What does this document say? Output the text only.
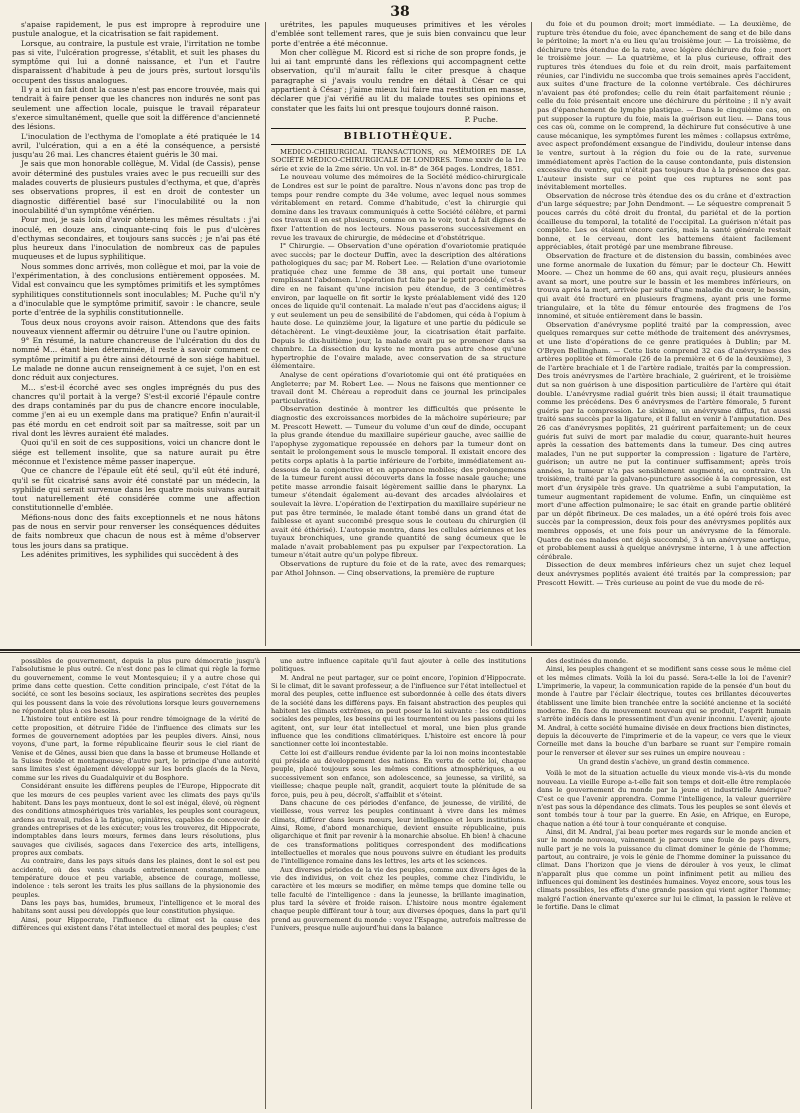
38

s'apaise rapidement, le pus est impropre à reproduire une pustule analogue, et la cicatrisation se fait rapidement.

Lorsque, au contraire, la pustule est vraie, l'irritation ne tombe pas si vite, l'ulcération progresse, s'établit, et suit les phases du symptôme qui lui a donné naissance, et l'un et l'autre disparaissent d'habitude à peu de jours près, surtout lorsqu'ils occupent des tissus analogues.

Il y a ici un fait dont la cause n'est pas encore trouvée, mais qui tendrait à faire penser que les chancres non indurés ne sont pas seulement une affection locale, puisque le travail réparateur s'exerce simultanément, quelle que soit la différence d'ancienneté des lésions.

L'inoculation de l'ecthyma de l'omoplate a été pratiquée le 14 avril, l'ulcération, qui a en a été la conséquence, a persisté jusqu'au 26 mai. Les chancres étaient guéris le 30 mai.

Je sais que mon honorable collègue, M. Vidal (de Cassis), pense avoir déterminé des pustules vraies avec le pus recueilli sur des malades couverts de plusieurs pustules d'ecthyma, et que, d'après ses observations propres, il est en droit de contester un diagnostic différentiel basé sur l'inoculabilité ou la non inoculabilité d'un symptôme vénérien.

Pour moi, je sais loin d'avoir obtenu les mêmes résultats : j'ai inoculé, en douze ans, cinquante-cinq fois le pus d'ulcères d'ecthymas secondaires, et toujours sans succès ; je n'ai pas été plus heureux dans l'inoculation de nombreux cas de papules muqueuses et de lupus syphilitique.

Nous sommes donc arrivés, mon collègue et moi, par la voie de l'expérimentation, à des conclusions entièrement opposées. M. Vidal est convaincu que les symptômes primitifs et les symptômes syphilitiques constitutionnels sont inoculables; M. Puche qu'il n'y a d'inoculable que le symptôme primitif, savoir : le chancre, seule porte d'entrée de la syphilis constitutionnelle.

Tous deux nous croyons avoir raison. Attendons que des faits nouveaux viennent affermir ou détruire l'une ou l'autre opinion.

9° En résumé, la nature chancreuse de l'ulcération du dos du nommé M... étant bien déterminée, il reste à savoir comment ce symptôme primitif a pu être ainsi détourné de son siége habituel. Le malade ne donne aucun renseignement à ce sujet, l'on en est donc réduit aux conjectures.

M... s'est-il écorché avec ses ongles imprégnés du pus des chancres qu'il portait à la verge? S'est-il excorié l'épaule contre des draps contaminés par du pus de chancre encore inoculable, comme j'en ai eu un exemple dans ma pratique? Enfin n'aurait-il pas été mordu en cet endroit soit par sa maîtresse, soit par un rival dont les lèvres auraient été malades.

Quoi qu'il en soit de ces suppositions, voici un chancre dont le siége est tellement insolite, que sa nature aurait pu être méconnue et l'existence même passer inaperçue.

Que ce chancre de l'épaule eût été seul, qu'il eût été induré, qu'il se fût cicatrisé sans avoir été constaté par un médecin, la syphilide qui serait survenue dans les quatre mois suivans aurait tout naturellement été considérée comme une affection constitutionnelle d'emblée.

Méfions-nous donc des faits exceptionnels et ne nous hâtons pas de nous en servir pour renverser les conséquences déduites de faits nombreux que chacun de nous est à même d'observer tous les jours dans sa pratique.

Les adénites primitives, les syphilides qui succèdent à des

urétrites, les papules muqueuses primitives et les véroles d'emblée sont tellement rares, que je suis bien convaincu que leur porte d'entrée a été méconnue.

Mon cher collègue M. Ricord est si riche de son propre fonds, je lui ai tant emprunté dans les réflexions qui accompagnent cette observation, qu'il m'aurait fallu le citer presque à chaque paragraphe si j'avais voulu rendre en détail à César ce qui appartient à César ; j'aime mieux lui faire ma restitution en masse, déclarer que j'ai vérifié au lit du malade toutes ses opinions et constater que les faits lui ont presque toujours donné raison.

P. Puche.
BIBLIOTHÈQUE.

MEDICO-CHIRURGICAL TRANSACTIONS, ou MÉMOIRES DE LA SOCIÉTÉ MÉDICO-CHIRURGICALE DE LONDRES. Tome xxxiv de la 1re série et xvie de la 2me série. Un vol. in-8° de 364 pages. Londres, 1851.

Le nouveau volume des mémoires de la Société médico-chirurgicale de Londres est sur le point de paraître. Nous n'avons donc pas trop de temps pour rendre compte du 34e volume, avec lequel nous sommes véritablement en retard. Comme d'habitude, c'est la chirurgie qui domine dans les travaux communiqués à cette Société célèbre, et parmi ces travaux il en est plusieurs, comme on va le voir, tout à fait dignes de fixer l'attention de nos lecteurs. Nous passerons successivement en revue les travaux de chirurgie, de médecine et d'obstétrique.

I° Chirurgie. — Observation d'une opération d'ovariotomie pratiquée avec succès; par le docteur Duffin, avec la description des altérations pathologiques du sac; par M. Robert Lee. — Relation d'une ovariotomie pratiquée chez une femme de 38 ans, qui portait une tumeur remplissant l'abdomen. L'opération fut faite par le petit procédé, c'est-à-dire en ne faisant qu'une incision peu étendue, de 3 centimètres environ, par laquelle on fit sortir le kyste préalablement vidé des 120 onces de liquide qu'il contenait. La malade n'eut pas d'accidens aigus; il y eut seulement un peu de sensibilité de l'abdomen, qui céda à l'opium à haute dose. Le quinzième jour, la ligature et une partie du pédicule se détachèrent. Le vingt-deuxième jour, la cicatrisation était parfaite. Depuis le dix-huitième jour, la malade avait pu se promener dans sa chambre. La dissection du kyste ne montra pas autre chose qu'une hypertrophie de l'ovaire malade, avec conservation de sa structure élémentaire.

Analyse de cent opérations d'ovariotomie qui ont été pratiquées en Angleterre; par M. Robert Lee. — Nous ne faisons que mentionner ce travail dont M. Chéreau a reproduit dans ce journal les principales particularités.

Observation destinée à montrer les difficultés que présente le diagnostic des excroissances morbides de la mâchoire supérieure; par M. Prescott Hewett. — Tumeur du volume d'un œuf de dinde, occupant la plus grande étendue du maxillaire supérieur gauche, avec saillie de l'apophyse zygomatique repoussée en dehors par la tumeur dont on sentait le prolongement sous le muscle temporal. Il existait encore des petits corps aplatis à la partie inférieure de l'orbite, immédiatement au-dessous de la conjonctive et en apparence mobiles; des prolongemens de la tumeur furent aussi découverts dans la fosse nasale gauche; une petite masse arrondie faisait légèrement saillie dans le pharynx. La tumeur s'étendait également au-devant des arcades alvéolaires et soulevait la lèvre. L'opération de l'extirpation du maxillaire supérieur ne put pas être terminée, le malade étant tombé dans un grand état de faiblesse et ayant succombé presque sous le couteau du chirurgien (il avait été éthérisé). L'autopsie montra, dans les cellules aériennes et les tuyaux bronchiques, une grande quantité de sang écumeux que le malade n'avait probablement pas pu expulser par l'expectoration. La tumeur n'était autre qu'un polype fibreux.

Observations de rupture du foie et de la rate, avec des remarques; par Athol Johnson. — Cinq observations, la première de rupture

du foie et du poumon droit; mort immédiate. — La deuxième, de rupture très étendue du foie, avec épanchement de sang et de bile dans le péritoine; la mort n'a eu lieu qu'au troisième jour. — La troisième, de déchirure très étendue de la rate, avec légère déchirure du foie ; mort le troisième jour. — La quatrième, et la plus curieuse, offrait des ruptures très étendues du foie et du rein droit, mais parfaitement réunies, car l'individu ne succomba que trois semaines après l'accident, aux suites d'une fracture de la colonne vertébrale. Ces déchirures n'avaient pas été profondes; celle du rein était parfaitement réunie ; celle du foie présentait encore une déchirure du péritoine ; il n'y avait pas d'épanchement de lymphe plastique. — Dans le cinquième cas, on put supposer la rupture du foie, mais la guérison eut lieu. — Dans tous ces cas où, comme on le comprend, la déchirure fut consécutive à une cause mécanique, les symptômes furent les mêmes : collapsus extrême, avec aspect profondément exsangue de l'individu, douleur intense dans le ventre, surtout à la région du foie ou de la rate, survenue immédiatement après l'action de la cause contondante, puis distension excessive du ventre, qui n'était pas toujours due à la présence des gaz. L'auteur insiste sur ce point que ces ruptures ne sont pas inévitablement mortelles.

Observation de nécrose très étendue des os du crâne et d'extraction d'un large séquestre; par John Dendmont. — Le séquestre comprenait 5 pouces carrés du côté droit du frontal, du pariétal et de la portion écailleuse du temporal, la totalité de l'occipital. La guérison n'était pas complète. Les os étaient encore cariés, mais la santé générale restait bonne, et le cerveau, dont les battemens étaient facilement appréciables, était protégé par une membrane fibreuse.

Observation de fracture et de distension du bassin, combinées avec une forme anormale de luxation du fémur; par le docteur Ch. Hewitt Moore. — Chez un homme de 60 ans, qui avait reçu, plusieurs années avant sa mort, une poutre sur le bassin et les membres inférieurs, on trouva après la mort, arrivée par suite d'une maladie du cœur, le bassin, qui avait été fracturé en plusieurs fragmens, ayant pris une forme triangulaire, et la tête du fémur entourée des fragmens de l'os innominé, et située entièrement dans le bassin.

Observation d'anévrysme poplité traité par la compression, avec quelques remarques sur cette méthode de traitement des anévrysmes, et une liste d'opérations de ce genre pratiquées à Dublin; par M. O'Bryen Bellingham. — Cette liste comprend 32 cas d'anévrysmes des artères poplitée et fémorale (26 de la première et 6 de la deuxième), 3 de l'artère brachiale et 1 de l'artère radiale, traités par la compression. Des trois anévrysmes de l'artère brachiale, 2 guérirent, et le troisième dut sa non guérison à une disposition particulière de l'artère qui était double. L'anévrysme radial guérit très bien aussi; il était traumatique comme les précédens. Des 6 anévrysmes de l'artère fémorale, 5 furent guéris par la compression. Le sixième, un anévrysme diffus, fut aussi traité sans succès par la ligature, et il fallut en venir à l'amputation. Des 26 cas d'anévrysmes poplités, 21 guérirent parfaitement; un de ceux guéris fut suivi de mort par maladie du cœur, quarante-huit heures après la cessation des battements dans la tumeur. Des cinq autres malades, l'un ne put supporter la compression : ligature de l'artère, guérison; un autre ne put la continuer suffisamment; après trois années, la tumeur n'a pas sensiblement augmenté, au contraire. Un troisième, traité par la galvano-puncture associée à la compression, est mort d'un érysipèle très grave. Un quatrième a subi l'amputation, la tumeur augmentant rapidement de volume. Enfin, un cinquième est mort d'une affection pulmonaire; le sac était en grande partie oblitéré par un dépôt fibrineux. De ces malades, un a été opéré trois fois avec succès par la compression, deux fois pour des anévrysmes poplités aux membres opposés, et une fois pour un anévrysme de la fémorale. Quatre de ces malades ont déjà succombé, 3 à un anévrysme aortique, et probablement aussi à quelque anévrysme interne, 1 à une affection cérébrale.

Dissection de deux membres inférieurs chez un sujet chez lequel deux anévrysmes poplités avaient été traités par la compression; par Prescott Hewitt. — Très curieuse au point de vue du mode de ré-

possibles de gouvernement, depuis la plus pure démocratie jusqu'à l'absolutisme le plus outré. Ce n'est donc pas le climat qui règle la forme du gouvernement, comme le veut Montesquieu; il y a autre chose qui prime dans cette question. Cette condition principale, c'est l'état de la société, ce sont les besoins sociaux, les aspirations secrètes des peuples qui les poussent dans la voie des révolutions lorsque leurs gouvernemens ne répondent plus à ces besoins.

L'histoire tout entière est là pour rendre témoignage de la vérité de cette proposition, et détruire l'idée de l'influence des climats sur les formes de gouvernement adoptées par les peuples divers. Ainsi, nous voyons, d'une part, la forme républicaine fleurir sous le ciel riant de Venise et de Gênes, aussi bien que dans la basse et brumeuse Hollande et la Suisse froide et montagneuse; d'autre part, le principe d'une autorité sans limites s'est également développé sur les bords glacés de la Neva, comme sur les rives du Guadalquivir et du Bosphore.

Considérant ensuite les différens peuples de l'Europe, Hippocrate dit que les mœurs de ces peuples varient avec les climats des pays qu'ils habitent. Dans les pays montueux, dont le sol est inégal, élevé, où règnent des conditions atmosphériques très variables, les peuples sont courageux, ardens au travail, rudes à la fatigue, opiniâtres, capables de concevoir de grandes entreprises et de les exécuter; vous les trouverez, dit Hippocrate, indomptables dans leurs mœurs, fermes dans leurs résolutions, plus sauvages que civilisés, sagaces dans l'exercice des arts, intelligens, propres aux combats.

Au contraire, dans les pays situés dans les plaines, dont le sol est peu accidenté, où des vents chauds entretiennent constamment une température douce et peu variable, absence de courage, mollesse, indolence : tels seront les traits les plus saillans de la physionomie des peuples.

Dans les pays bas, humides, brumeux, l'intelligence et le moral des habitans sont aussi peu développés que leur constitution physique.

Ainsi, pour Hippocrate, l'influence du climat est la cause des différences qui existent dans l'état intellectuel et moral des peuples; c'est

une autre influence capitale qu'il faut ajouter à celle des institutions politiques.

M. Andral ne peut partager, sur ce point encore, l'opinion d'Hippocrate. Si le climat, dit le savant professeur, a de l'influence sur l'état intellectuel et moral des peuples, cette influence est subordonnée à celle des états divers de la société dans les différens pays. En faisant abstraction des peuples qui habitent les climats extrêmes, on peut poser la loi suivante : les conditions sociales des peuples, les besoins qui les tourmentent ou les passions qui les agitent, ont, sur leur état intellectuel et moral, une bien plus grande influence que les conditions climatériques. L'histoire est encore là pour sanctionner cette loi incontestable.

Cette loi est d'ailleurs rendue évidente par la loi non moins incontestable qui préside au développement des nations. En vertu de cette loi, chaque peuple, placé toujours sous les mêmes conditions atmosphériques, a eu successivement son enfance, son adolescence, sa jeunesse, sa virilité, sa vieillesse; chaque peuple naît, grandit, acquiert toute la plénitude de sa force, puis, peu à peu, décroît, s'affaiblit et s'éteint.

Dans chacune de ces périodes d'enfance, de jeunesse, de virilité, de vieillesse, vous verrez les peuples continuant à vivre dans les mêmes climats, différer dans leurs mœurs, leur intelligence et leurs institutions. Ainsi, Rome, d'abord monarchique, devient ensuite républicaine, puis oligarchique et finit par revenir à la monarchie absolue. Eh bien! à chacune de ces transformations politiques correspondent des modifications intellectuelles et morales que nous pouvons suivre en étudiant les produits de l'intelligence romaine dans les lettres, les arts et les sciences.

Aux diverses périodes de la vie des peuples, comme aux divers âges de la vie des individus, on voit chez les peuples, comme chez l'individu, le caractère et les mœurs se modifier, en même temps que domine telle ou telle faculté de l'intelligence : dans la jeunesse, la brillante imagination, plus tard la sévère et froide raison. L'histoire nous montre également chaque peuple différant tour à tour, aux diverses époques, dans la part qu'il prend au gouvernement du monde : voyez l'Espagne, autrefois maîtresse de l'univers, presque nulle aujourd'hui dans la balance

des destinées du monde.

Ainsi, les peuples changent et se modifient sans cesse sous le même ciel et les mêmes climats. Voilà la loi du passé. Sera-t-elle la loi de l'avenir? L'imprimerie, la vapeur, la communication rapide de la pensée d'un bout du monde à l'autre par l'éclair électrique, toutes ces brillantes découvertes établissent une limite bien tranchée entre la société ancienne et la société moderne. En face du mouvement nouveau qui se produit, l'esprit humain s'arrête indécis dans le pressentiment d'un avenir inconnu. L'avenir, ajoute M. Andral, à cette société humaine divisée en deux fractions bien distinctes, depuis la découverte de l'imprimerie et de la vapeur, ce vers que le vieux Corneille met dans la bouche d'un barbare se ruant sur l'empire romain pour le renverser et élever sur ses ruines un empire nouveau :

Un grand destin s'achève, un grand destin commence.

Voilà le mot de la situation actuelle du vieux monde vis-à-vis du monde nouveau. La vieille Europe a-t-elle fait son temps et doit-elle être remplacée dans le gouvernement du monde par la jeune et industrielle Amérique? C'est ce que l'avenir apprendra. Comme l'intelligence, la valeur guerrière n'est pas sous la dépendance des climats. Tous les peuples se sont élevés et sont tombés tour à tour par la guerre. En Asie, en Afrique, en Europe, chaque nation a été tour à tour conquérante et conquise.

Ainsi, dit M. Andral, j'ai beau porter mes regards sur le monde ancien et sur le monde nouveau, vainement je parcours une foule de pays divers, nulle part je ne vois la puissance du climat dominer le génie de l'homme; partout, au contraire, je vois le génie de l'homme dominer la puissance du climat. Dans l'horizon que je viens de dérouler à vos yeux, le climat n'apparaît plus que comme un point infiniment petit au milieu des influences qui dominent les destinées humaines. Voyez encore, sous tous les climats possibles, les effets d'une grande passion qui vient agiter l'homme; malgré l'action énervante qu'exerce sur lui le climat, la passion le relève et le fortifie. Dans le climat
